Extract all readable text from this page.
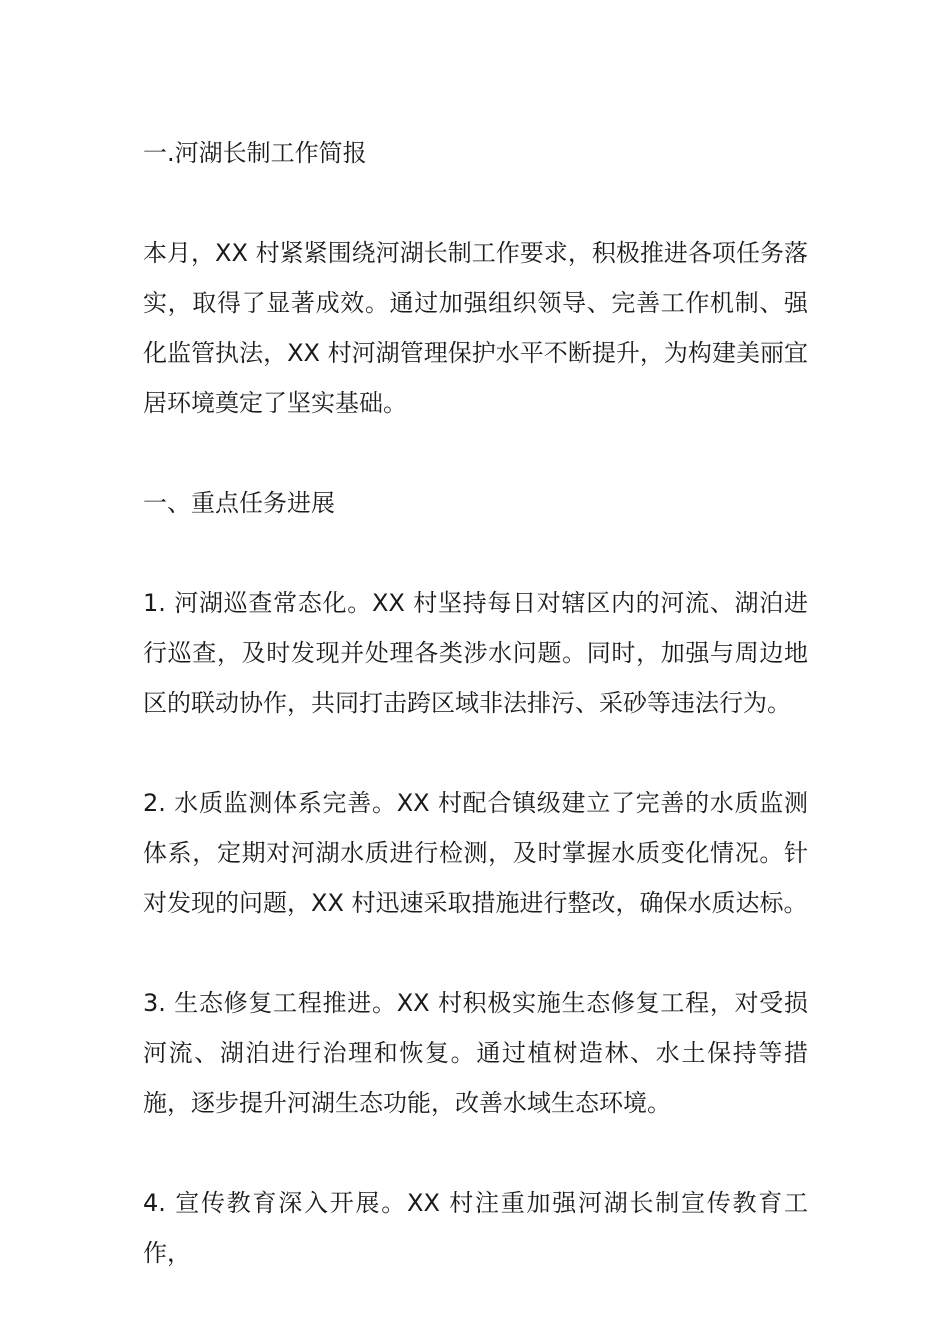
一.河湖长制工作简报

本月，XX 村紧紧围绕河湖长制工作要求，积极推进各项任务落实，取得了显著成效。通过加强组织领导、完善工作机制、强化监管执法，XX 村河湖管理保护水平不断提升，为构建美丽宜居环境奠定了坚实基础。

一、重点任务进展

1. 河湖巡查常态化。XX 村坚持每日对辖区内的河流、湖泊进行巡查，及时发现并处理各类涉水问题。同时，加强与周边地区的联动协作，共同打击跨区域非法排污、采砂等违法行为。

2. 水质监测体系完善。XX 村配合镇级建立了完善的水质监测体系，定期对河湖水质进行检测，及时掌握水质变化情况。针对发现的问题，XX 村迅速采取措施进行整改，确保水质达标。

3. 生态修复工程推进。XX 村积极实施生态修复工程，对受损河流、湖泊进行治理和恢复。通过植树造林、水土保持等措施，逐步提升河湖生态功能，改善水域生态环境。

4. 宣传教育深入开展。XX 村注重加强河湖长制宣传教育工作，
